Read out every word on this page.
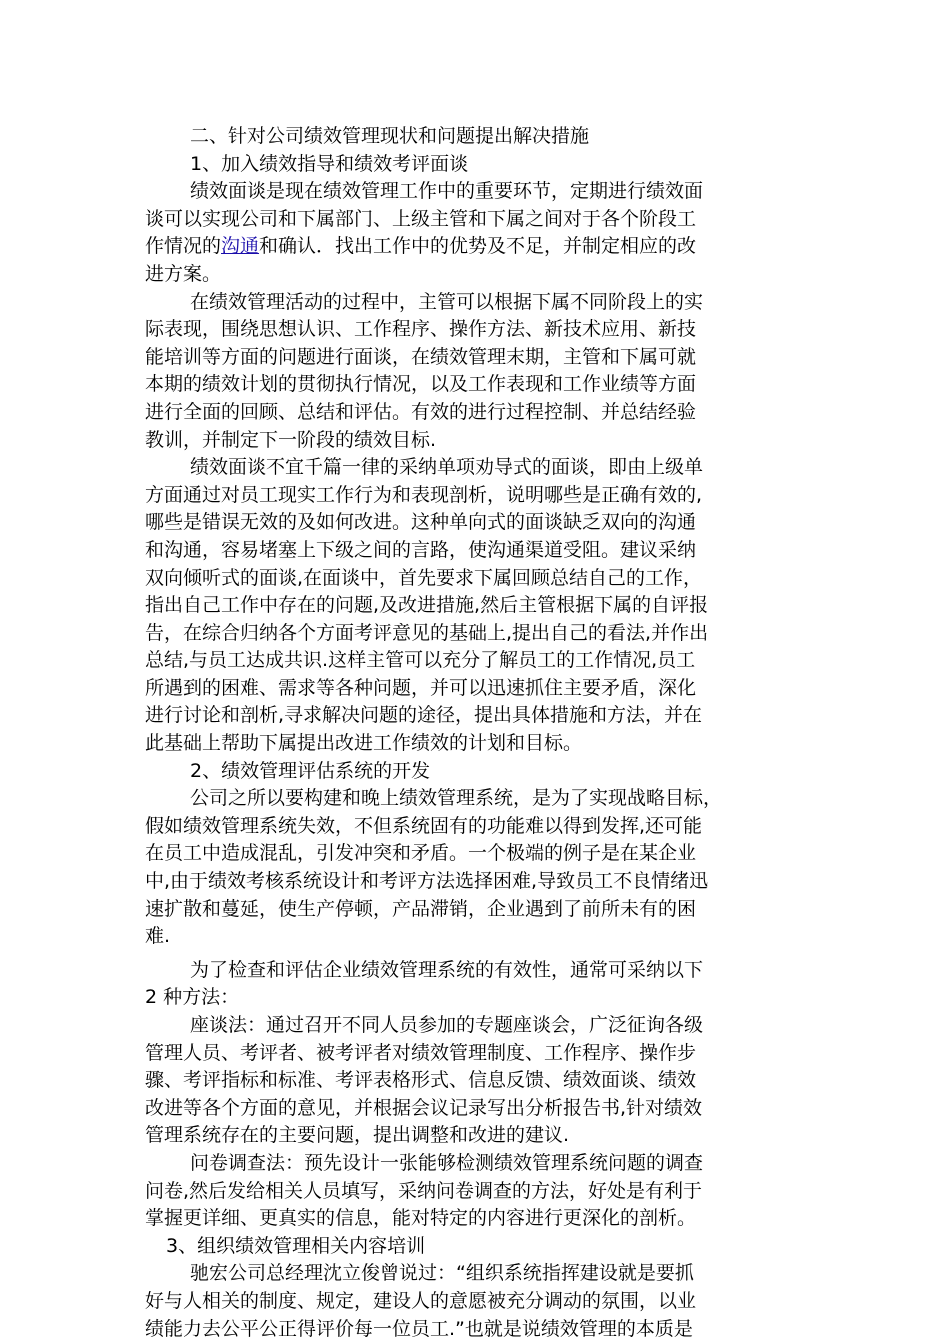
二、针对公司绩效管理现状和问题提出解决措施
1、加入绩效指导和绩效考评面谈
绩效面谈是现在绩效管理工作中的重要环节，定期进行绩效面
谈可以实现公司和下属部门、上级主管和下属之间对于各个阶段工
作情况的沟通和确认．找出工作中的优势及不足，并制定相应的改
进方案。
在绩效管理活动的过程中，主管可以根据下属不同阶段上的实
际表现，围绕思想认识、工作程序、操作方法、新技术应用、新技
能培训等方面的问题进行面谈，在绩效管理末期，主管和下属可就
本期的绩效计划的贯彻执行情况，以及工作表现和工作业绩等方面
进行全面的回顾、总结和评估。有效的进行过程控制、并总结经验
教训，并制定下一阶段的绩效目标.
绩效面谈不宜千篇一律的采纳单项劝导式的面谈，即由上级单
方面通过对员工现实工作行为和表现剖析，说明哪些是正确有效的,
哪些是错误无效的及如何改进。这种单向式的面谈缺乏双向的沟通
和沟通，容易堵塞上下级之间的言路，使沟通渠道受阻。建议采纳
双向倾听式的面谈,在面谈中，首先要求下属回顾总结自己的工作，
指出自己工作中存在的问题,及改进措施,然后主管根据下属的自评报
告，在综合归纳各个方面考评意见的基础上,提出自己的看法,并作出
总结,与员工达成共识.这样主管可以充分了解员工的工作情况,员工
所遇到的困难、需求等各种问题，并可以迅速抓住主要矛盾，深化
进行讨论和剖析,寻求解决问题的途径，提出具体措施和方法，并在
此基础上帮助下属提出改进工作绩效的计划和目标。
2、绩效管理评估系统的开发
公司之所以要构建和晚上绩效管理系统，是为了实现战略目标，
假如绩效管理系统失效，不但系统固有的功能难以得到发挥,还可能
在员工中造成混乱，引发冲突和矛盾。一个极端的例子是在某企业
中,由于绩效考核系统设计和考评方法选择困难,导致员工不良情绪迅
速扩散和蔓延，使生产停顿，产品滞销，企业遇到了前所未有的困
难.
为了检查和评估企业绩效管理系统的有效性，通常可采纳以下
2 种方法：
座谈法：通过召开不同人员参加的专题座谈会，广泛征询各级
管理人员、考评者、被考评者对绩效管理制度、工作程序、操作步
骤、考评指标和标准、考评表格形式、信息反馈、绩效面谈、绩效
改进等各个方面的意见，并根据会议记录写出分析报告书,针对绩效
管理系统存在的主要问题，提出调整和改进的建议.
问卷调查法：预先设计一张能够检测绩效管理系统问题的调查
问卷,然后发给相关人员填写，采纳问卷调查的方法，好处是有利于
掌握更详细、更真实的信息，能对特定的内容进行更深化的剖析。
3、组织绩效管理相关内容培训
驰宏公司总经理沈立俊曾说过：“组织系统指挥建设就是要抓
好与人相关的制度、规定，建设人的意愿被充分调动的氛围，以业
绩能力去公平公正得评价每一位员工.”也就是说绩效管理的本质是
